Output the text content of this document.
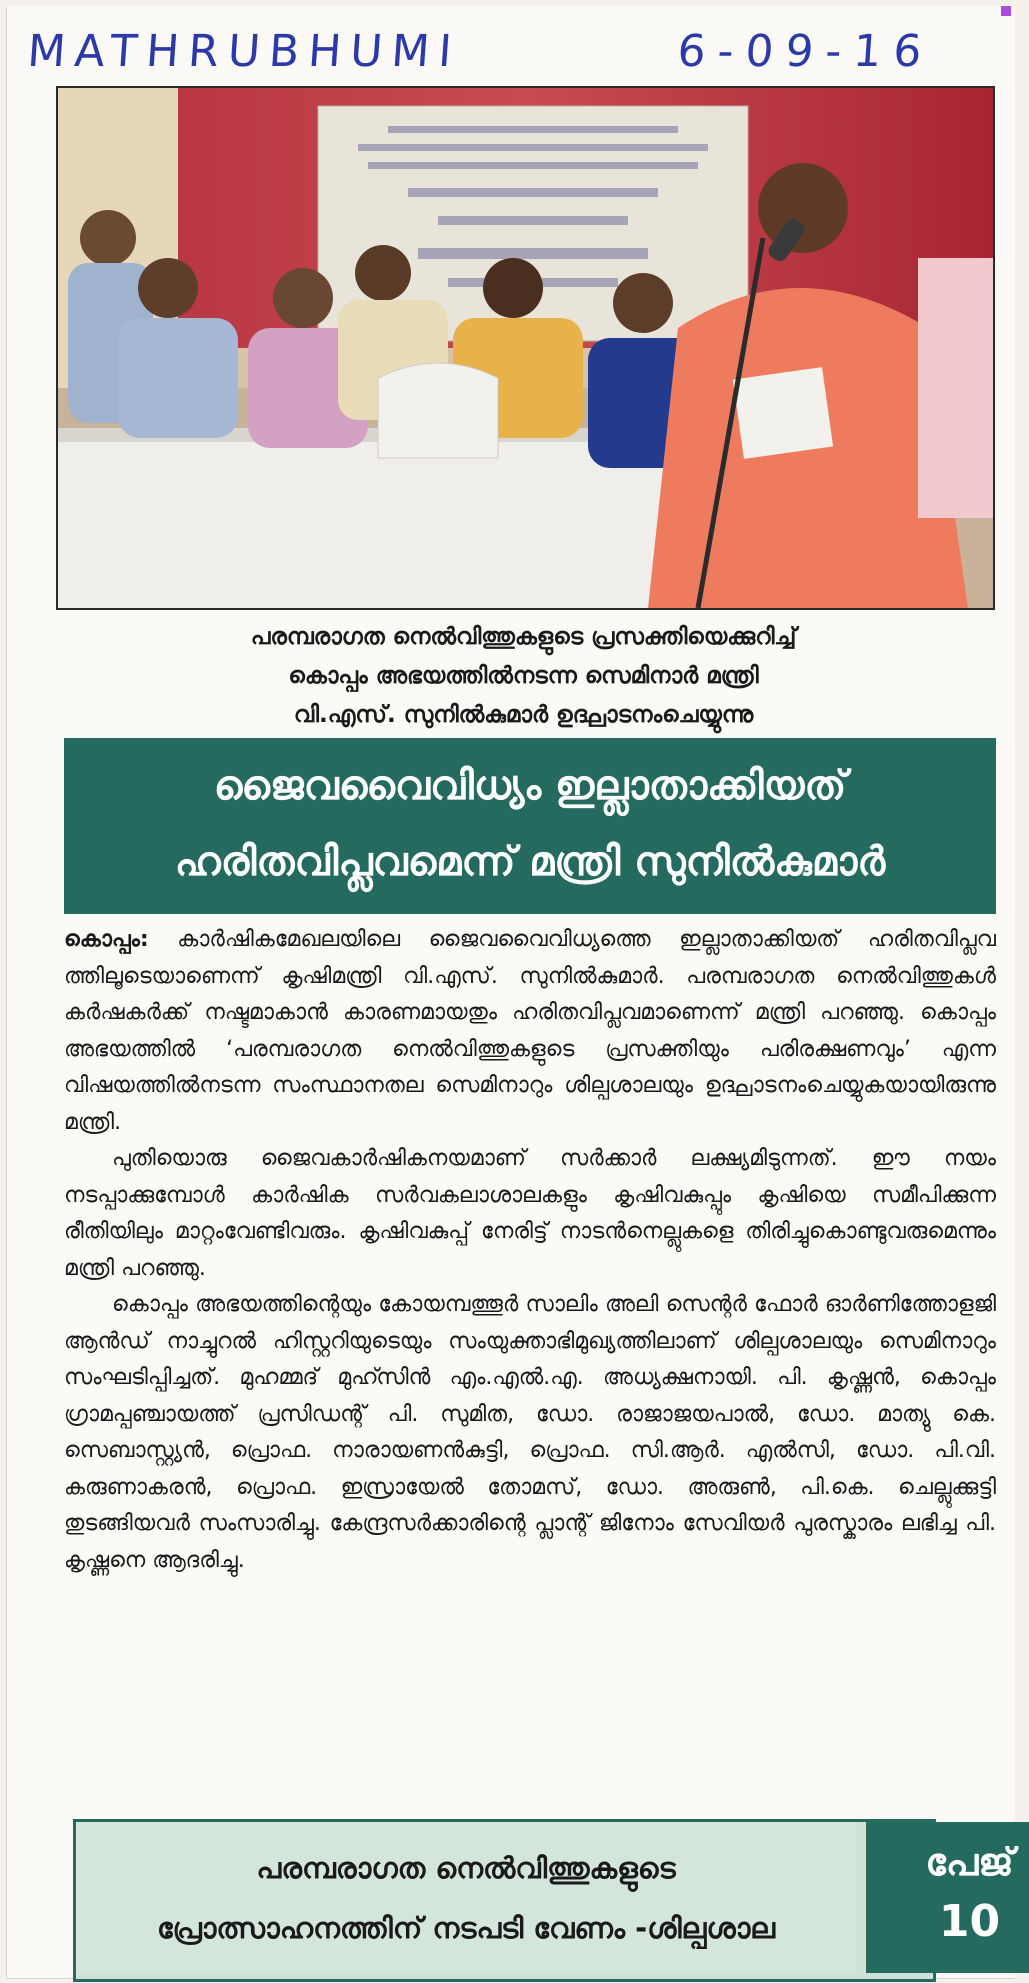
MATHRUBHUMI	6-09-16
പരമ്പരാഗത നെൽവിത്തുകളുടെ പ്രസക്തിയെക്കുറിച്ച്
കൊപ്പം അഭയത്തിൽനടന്ന സെമിനാർ മന്ത്രി
വി.എസ്. സുനിൽകുമാർ ഉദ്ഘാടനംചെയ്യുന്നു
ജൈവവൈവിധ്യം ഇല്ലാതാക്കിയത്
ഹരിതവിപ്ലവമെന്ന് മന്ത്രി സുനിൽകുമാർ

കൊപ്പം: കാർഷികമേഖലയിലെ ജൈവവൈവിധ്യത്തെ ഇല്ലാതാക്കിയത് ഹരിതവിപ്ലവ ത്തിലൂടെയാണെന്ന് കൃഷിമന്ത്രി വി.എസ്. സുനിൽകുമാർ. പരമ്പരാഗത നെൽവിത്തുകൾ കർഷകർക്ക് നഷ്ടമാകാൻ കാരണമായതും ഹരിതവിപ്ലവമാണെന്ന് മന്ത്രി പറഞ്ഞു. കൊപ്പം അഭയത്തിൽ ‘പരമ്പരാഗത നെൽവിത്തുകളുടെ പ്രസക്തിയും പരിരക്ഷണവും’ എന്ന വിഷയത്തിൽനടന്ന സംസ്ഥാനതല സെമിനാറും ശില്പശാലയും ഉദ്ഘാടനംചെയ്യുകയായിരുന്നു മന്ത്രി.

പുതിയൊരു ജൈവകാർഷികനയമാണ് സർക്കാർ ലക്ഷ്യമിടുന്നത്. ഈ നയം നടപ്പാക്കുമ്പോൾ കാർഷിക സർവകലാശാലകളും കൃഷിവകുപ്പും കൃഷിയെ സമീപിക്കുന്ന രീതിയിലും മാറ്റംവേണ്ടിവരും. കൃഷിവകുപ്പ് നേരിട്ട് നാടൻനെല്ലുകളെ തിരിച്ചുകൊണ്ടുവരുമെന്നും മന്ത്രി പറഞ്ഞു.

കൊപ്പം അഭയത്തിന്റെയും കോയമ്പത്തൂർ സാലിം അലി സെന്റർ ഫോർ ഓർണിത്തോളജി ആൻഡ് നാച്ചുറൽ ഹിസ്റ്ററിയുടെയും സംയുക്താഭിമുഖ്യത്തിലാണ് ശില്പശാലയും സെമിനാറും സംഘടിപ്പിച്ചത്. മുഹമ്മദ് മുഹ്സിൻ എം.എൽ.എ. അധ്യക്ഷനായി. പി. കൃഷ്ണൻ, കൊപ്പം ഗ്രാമപ്പഞ്ചായത്ത് പ്രസിഡന്റ് പി. സുമിത, ഡോ. രാജാജയപാൽ, ഡോ. മാത്യു കെ. സെബാസ്റ്റ്യൻ, പ്രൊഫ. നാരായണൻകുട്ടി, പ്രൊഫ. സി.ആർ. എൽസി, ഡോ. പി.വി. കരുണാകരൻ, പ്രൊഫ. ഇസ്രായേൽ തോമസ്, ഡോ. അരുൺ, പി.കെ. ചെല്ലുക്കുട്ടി തുടങ്ങിയവർ സംസാരിച്ചു. കേന്ദ്രസർക്കാരിന്റെ പ്ലാന്റ് ജിനോം സേവിയർ പുരസ്കാരം ലഭിച്ച പി. കൃഷ്ണനെ ആദരിച്ചു.

പരമ്പരാഗത നെൽവിത്തുകളുടെ
പ്രോത്സാഹനത്തിന് നടപടി വേണം -ശില്പശാല
പേജ്
10
